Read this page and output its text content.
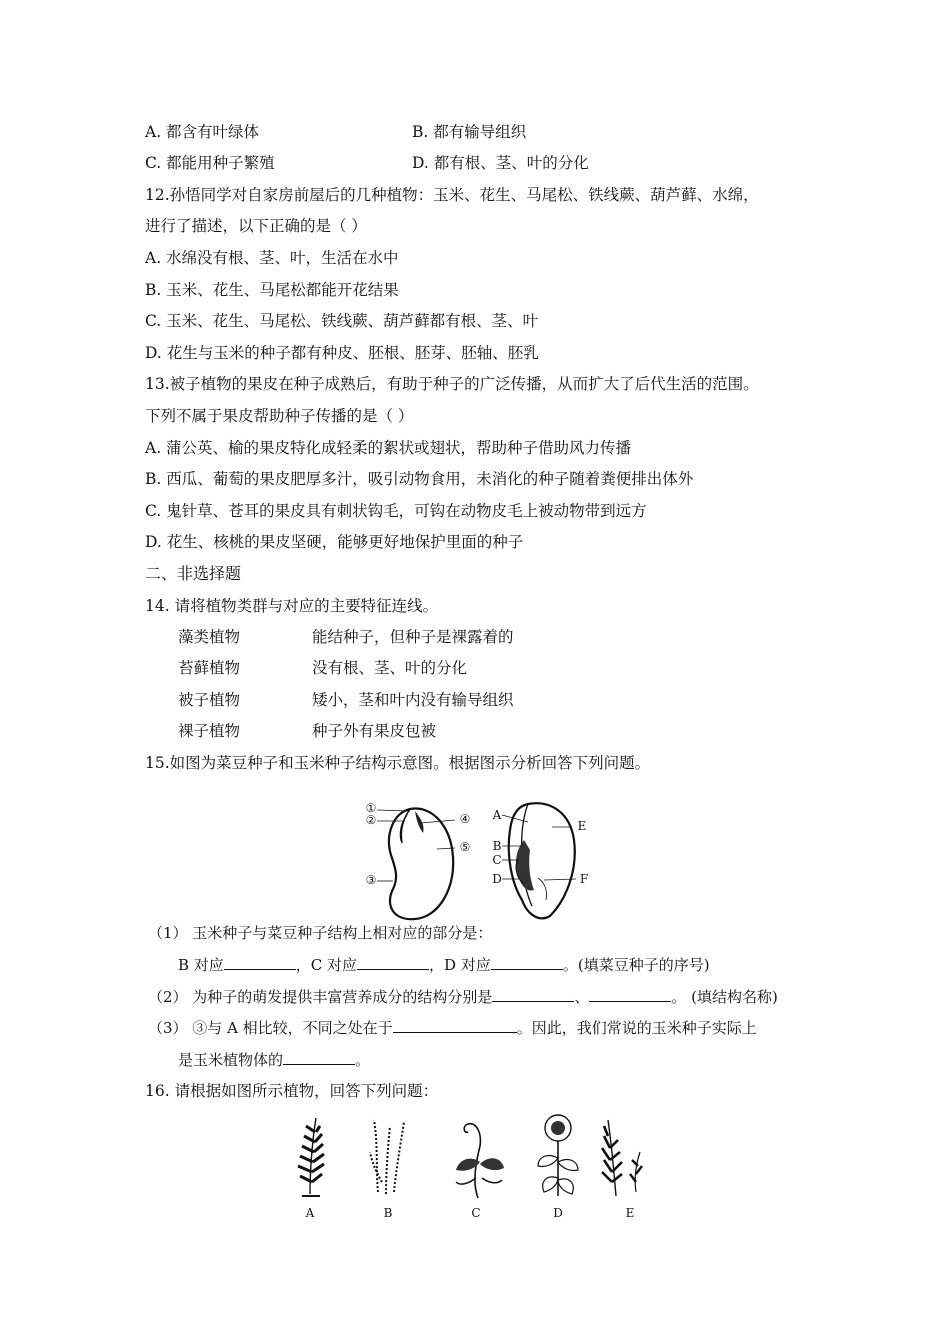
A. 都含有叶绿体	B. 都有输导组织
C. 都能用种子繁殖	D. 都有根、茎、叶的分化
12.孙悟同学对自家房前屋后的几种植物：玉米、花生、马尾松、铁线蕨、葫芦藓、水绵，
进行了描述，以下正确的是（ ）
A. 水绵没有根、茎、叶，生活在水中
B. 玉米、花生、马尾松都能开花结果
C. 玉米、花生、马尾松、铁线蕨、葫芦藓都有根、茎、叶
D. 花生与玉米的种子都有种皮、胚根、胚芽、胚轴、胚乳
13.被子植物的果皮在种子成熟后，有助于种子的广泛传播，从而扩大了后代生活的范围。
下列不属于果皮帮助种子传播的是（ ）
A. 蒲公英、榆的果皮特化成轻柔的絮状或翅状，帮助种子借助风力传播
B. 西瓜、葡萄的果皮肥厚多汁，吸引动物食用，未消化的种子随着粪便排出体外
C. 鬼针草、苍耳的果皮具有刺状钩毛，可钩在动物皮毛上被动物带到远方
D. 花生、核桃的果皮坚硬，能够更好地保护里面的种子
二、非选择题
14. 请将植物类群与对应的主要特征连线。
藻类植物	能结种子，但种子是裸露着的
苔藓植物	没有根、茎、叶的分化
被子植物	矮小，茎和叶内没有输导组织
裸子植物	种子外有果皮包被
15.如图为菜豆种子和玉米种子结构示意图。根据图示分析回答下列问题。
①
②
③
④
⑤
A
B
C
D
E
F
（1） 玉米种子与菜豆种子结构上相对应的部分是：
B 对应	，C 对应	，D 对应	。(填菜豆种子的序号)
（2） 为种子的萌发提供丰富营养成分的结构分别是	、	。 (填结构名称)
（3） ③与 A 相比较，不同之处在于	。因此，我们常说的玉米种子实际上
是玉米植物体的	。
16. 请根据如图所示植物，回答下列问题：
A	B	C	D	E
